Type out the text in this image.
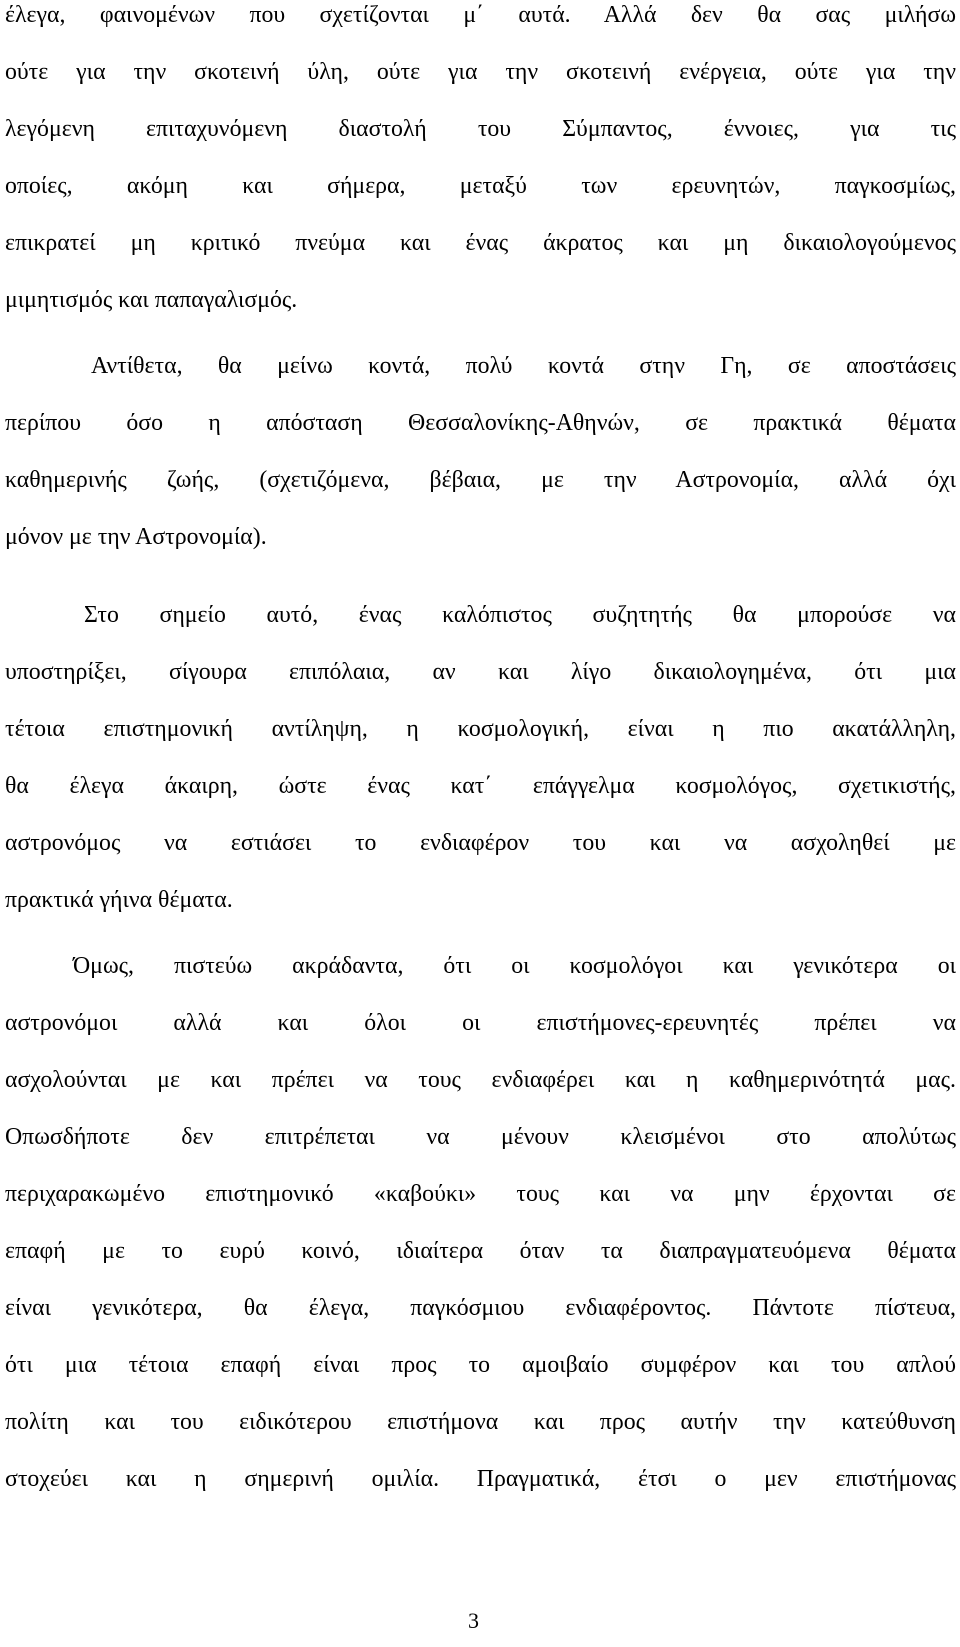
έλεγα, φαινομένων που σχετίζονται μ΄ αυτά. Αλλά δεν θα σας μιλήσω
ούτε για την σκοτεινή ύλη, ούτε για την σκοτεινή ενέργεια, ούτε για την
λεγόμενη επιταχυνόμενη διαστολή του Σύμπαντος, έννοιες, για τις
οποίες, ακόμη και σήμερα, μεταξύ των ερευνητών, παγκοσμίως,
επικρατεί μη κριτικό πνεύμα και ένας άκρατος και μη δικαιολογούμενος
μιμητισμός και παπαγαλισμός.
Αντίθετα, θα μείνω κοντά, πολύ κοντά στην Γη, σε αποστάσεις
περίπου όσο η απόσταση Θεσσαλονίκης-Αθηνών, σε πρακτικά θέματα
καθημερινής ζωής, (σχετιζόμενα, βέβαια, με την Αστρονομία, αλλά όχι
μόνον με την Αστρονομία).
Στο σημείο αυτό, ένας καλόπιστος συζητητής θα μπορούσε να
υποστηρίξει, σίγουρα επιπόλαια, αν και λίγο δικαιολογημένα, ότι μια
τέτοια επιστημονική αντίληψη, η κοσμολογική, είναι η πιο ακατάλληλη,
θα έλεγα άκαιρη, ώστε ένας κατ΄ επάγγελμα κοσμολόγος, σχετικιστής,
αστρονόμος να εστιάσει το ενδιαφέρον του και να ασχοληθεί με
πρακτικά γήινα θέματα.
Όμως, πιστεύω ακράδαντα, ότι οι κοσμολόγοι και γενικότερα οι
αστρονόμοι αλλά και όλοι οι επιστήμονες-ερευνητές πρέπει να
ασχολούνται με και πρέπει να τους ενδιαφέρει και η καθημερινότητά μας.
Οπωσδήποτε δεν επιτρέπεται να μένουν κλεισμένοι στο απολύτως
περιχαρακωμένο επιστημονικό «καβούκι» τους και να μην έρχονται σε
επαφή με το ευρύ κοινό, ιδιαίτερα όταν τα διαπραγματευόμενα θέματα
είναι γενικότερα, θα έλεγα, παγκόσμιου ενδιαφέροντος. Πάντοτε πίστευα,
ότι μια τέτοια επαφή είναι προς το αμοιβαίο συμφέρον και του απλού
πολίτη και του ειδικότερου επιστήμονα και προς αυτήν την κατεύθυνση
στοχεύει και η σημερινή ομιλία. Πραγματικά, έτσι ο μεν επιστήμονας
3
